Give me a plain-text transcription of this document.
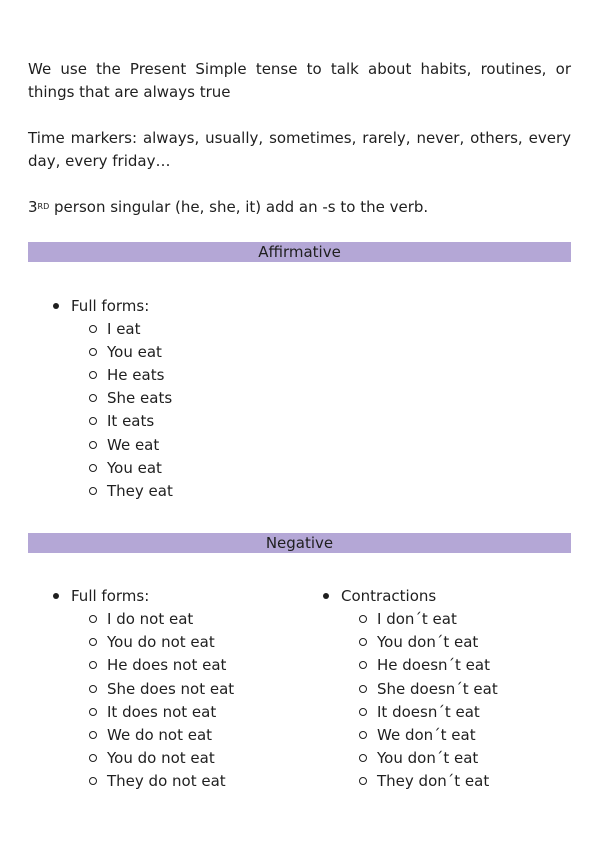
We use the Present Simple tense to talk about habits, routines, or things that are always true

Time markers: always, usually, sometimes, rarely, never, others, every day, every friday…

3RD person singular (he, she, it) add an -s to the verb.

Affirmative
Full forms:
I eat
You eat
He eats
She eats
It eats
We eat
You eat
They eat
Negative
Full forms:
I do not eat
You do not eat
He does not eat
She does not eat
It does not eat
We do not eat
You do not eat
They do not eat
Contractions
I don´t eat
You don´t eat
He doesn´t eat
She doesn´t eat
It doesn´t eat
We don´t eat
You don´t eat
They don´t eat
